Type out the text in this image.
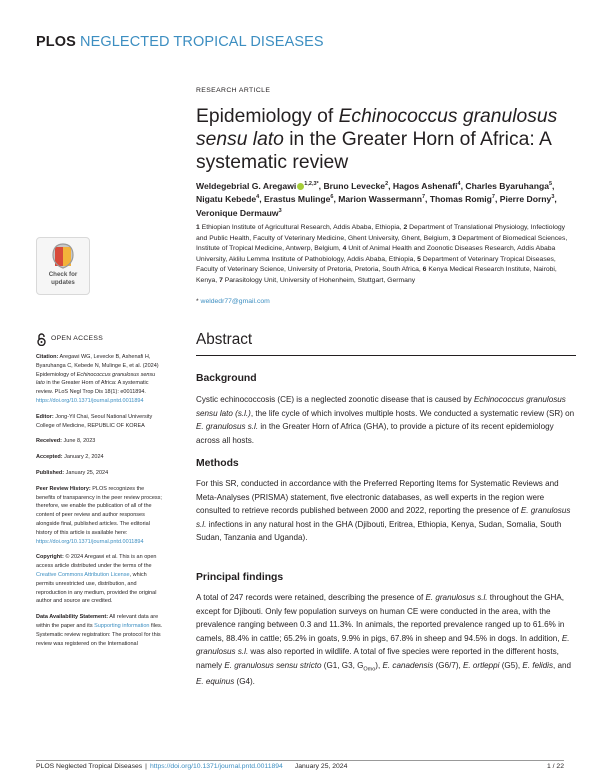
PLOS NEGLECTED TROPICAL DISEASES
RESEARCH ARTICLE
Epidemiology of Echinococcus granulosus sensu lato in the Greater Horn of Africa: A systematic review

Weldegebrial G. Aregawi $^{1,2,3*}$, Bruno Levecke$^2$, Hagos Ashenafi$^4$, Charles Byaruhanga$^5$, Nigatu Kebede$^4$, Erastus Mulinge$^6$, Marion Wassermann$^7$, Thomas Romig$^7$, Pierre Dorny$^3$, Veronique Dermauw$^3$

1 Ethiopian Institute of Agricultural Research, Addis Ababa, Ethiopia, 2 Department of Translational Physiology, Infectiology and Public Health, Faculty of Veterinary Medicine, Ghent University, Ghent, Belgium, 3 Department of Biomedical Sciences, Institute of Tropical Medicine, Antwerp, Belgium, 4 Unit of Animal Health and Zoonotic Diseases Research, Addis Ababa University, Aklilu Lemma Institute of Pathobiology, Addis Ababa, Ethiopia, 5 Department of Veterinary Tropical Diseases, Faculty of Veterinary Science, University of Pretoria, Pretoria, South Africa, 6 Kenya Medical Research Institute, Nairobi, Kenya, 7 Parasitology Unit, University of Hohenheim, Stuttgart, Germany

* weldedr77@gmail.com
Check for
updates
OPEN ACCESS

Citation: Aregawi WG, Levecke B, Ashenafi H, Byaruhanga C, Kebede N, Mulinge E, et al. (2024) Epidemiology of Echinococcus granulosus sensu lato in the Greater Horn of Africa: A systematic review. PLoS Negl Trop Dis 18(1): e0011894. https://doi.org/10.1371/journal.pntd.0011894

Editor: Jong-Yil Chai, Seoul National University College of Medicine, REPUBLIC OF KOREA

Received: June 8, 2023

Accepted: January 2, 2024

Published: January 25, 2024

Peer Review History: PLOS recognizes the benefits of transparency in the peer review process; therefore, we enable the publication of all of the content of peer review and author responses alongside final, published articles. The editorial history of this article is available here: https://doi.org/10.1371/journal.pntd.0011894

Copyright: © 2024 Aregawi et al. This is an open access article distributed under the terms of the Creative Commons Attribution License, which permits unrestricted use, distribution, and reproduction in any medium, provided the original author and source are credited.

Data Availability Statement: All relevant data are within the paper and its Supporting information files. Systematic review registration: The protocol for this review was registered on the International

Abstract
Background

Cystic echinococcosis (CE) is a neglected zoonotic disease that is caused by Echinococcus granulosus sensu lato (s.l.), the life cycle of which involves multiple hosts. We conducted a systematic review (SR) on E. granulosus s.l. in the Greater Horn of Africa (GHA), to provide a picture of its recent epidemiology across all hosts.

Methods

For this SR, conducted in accordance with the Preferred Reporting Items for Systematic Reviews and Meta-Analyses (PRISMA) statement, five electronic databases, as well experts in the region were consulted to retrieve records published between 2000 and 2022, reporting the presence of E. granulosus s.l. infections in any natural host in the GHA (Djibouti, Eritrea, Ethiopia, Kenya, Sudan, Somalia, South Sudan, Tanzania and Uganda).

Principal findings

A total of 247 records were retained, describing the presence of E. granulosus s.l. throughout the GHA, except for Djibouti. Only few population surveys on human CE were conducted in the area, with the prevalence ranging between 0.3 and 11.3%. In animals, the reported prevalence ranged up to 61.6% in camels, 88.4% in cattle; 65.2% in goats, 9.9% in pigs, 67.8% in sheep and 94.5% in dogs. In addition, E. granulosus s.l. was also reported in wildlife. A total of five species were reported in the different hosts, namely E. granulosus sensu stricto (G1, G3, $G_{Omo}$), E. canadensis (G6/7), E. ortleppi (G5), E. felidis, and E. equinus (G4).

PLOS Neglected Tropical Diseases | https://doi.org/10.1371/journal.pntd.0011894 January 25, 2024	1 / 22
